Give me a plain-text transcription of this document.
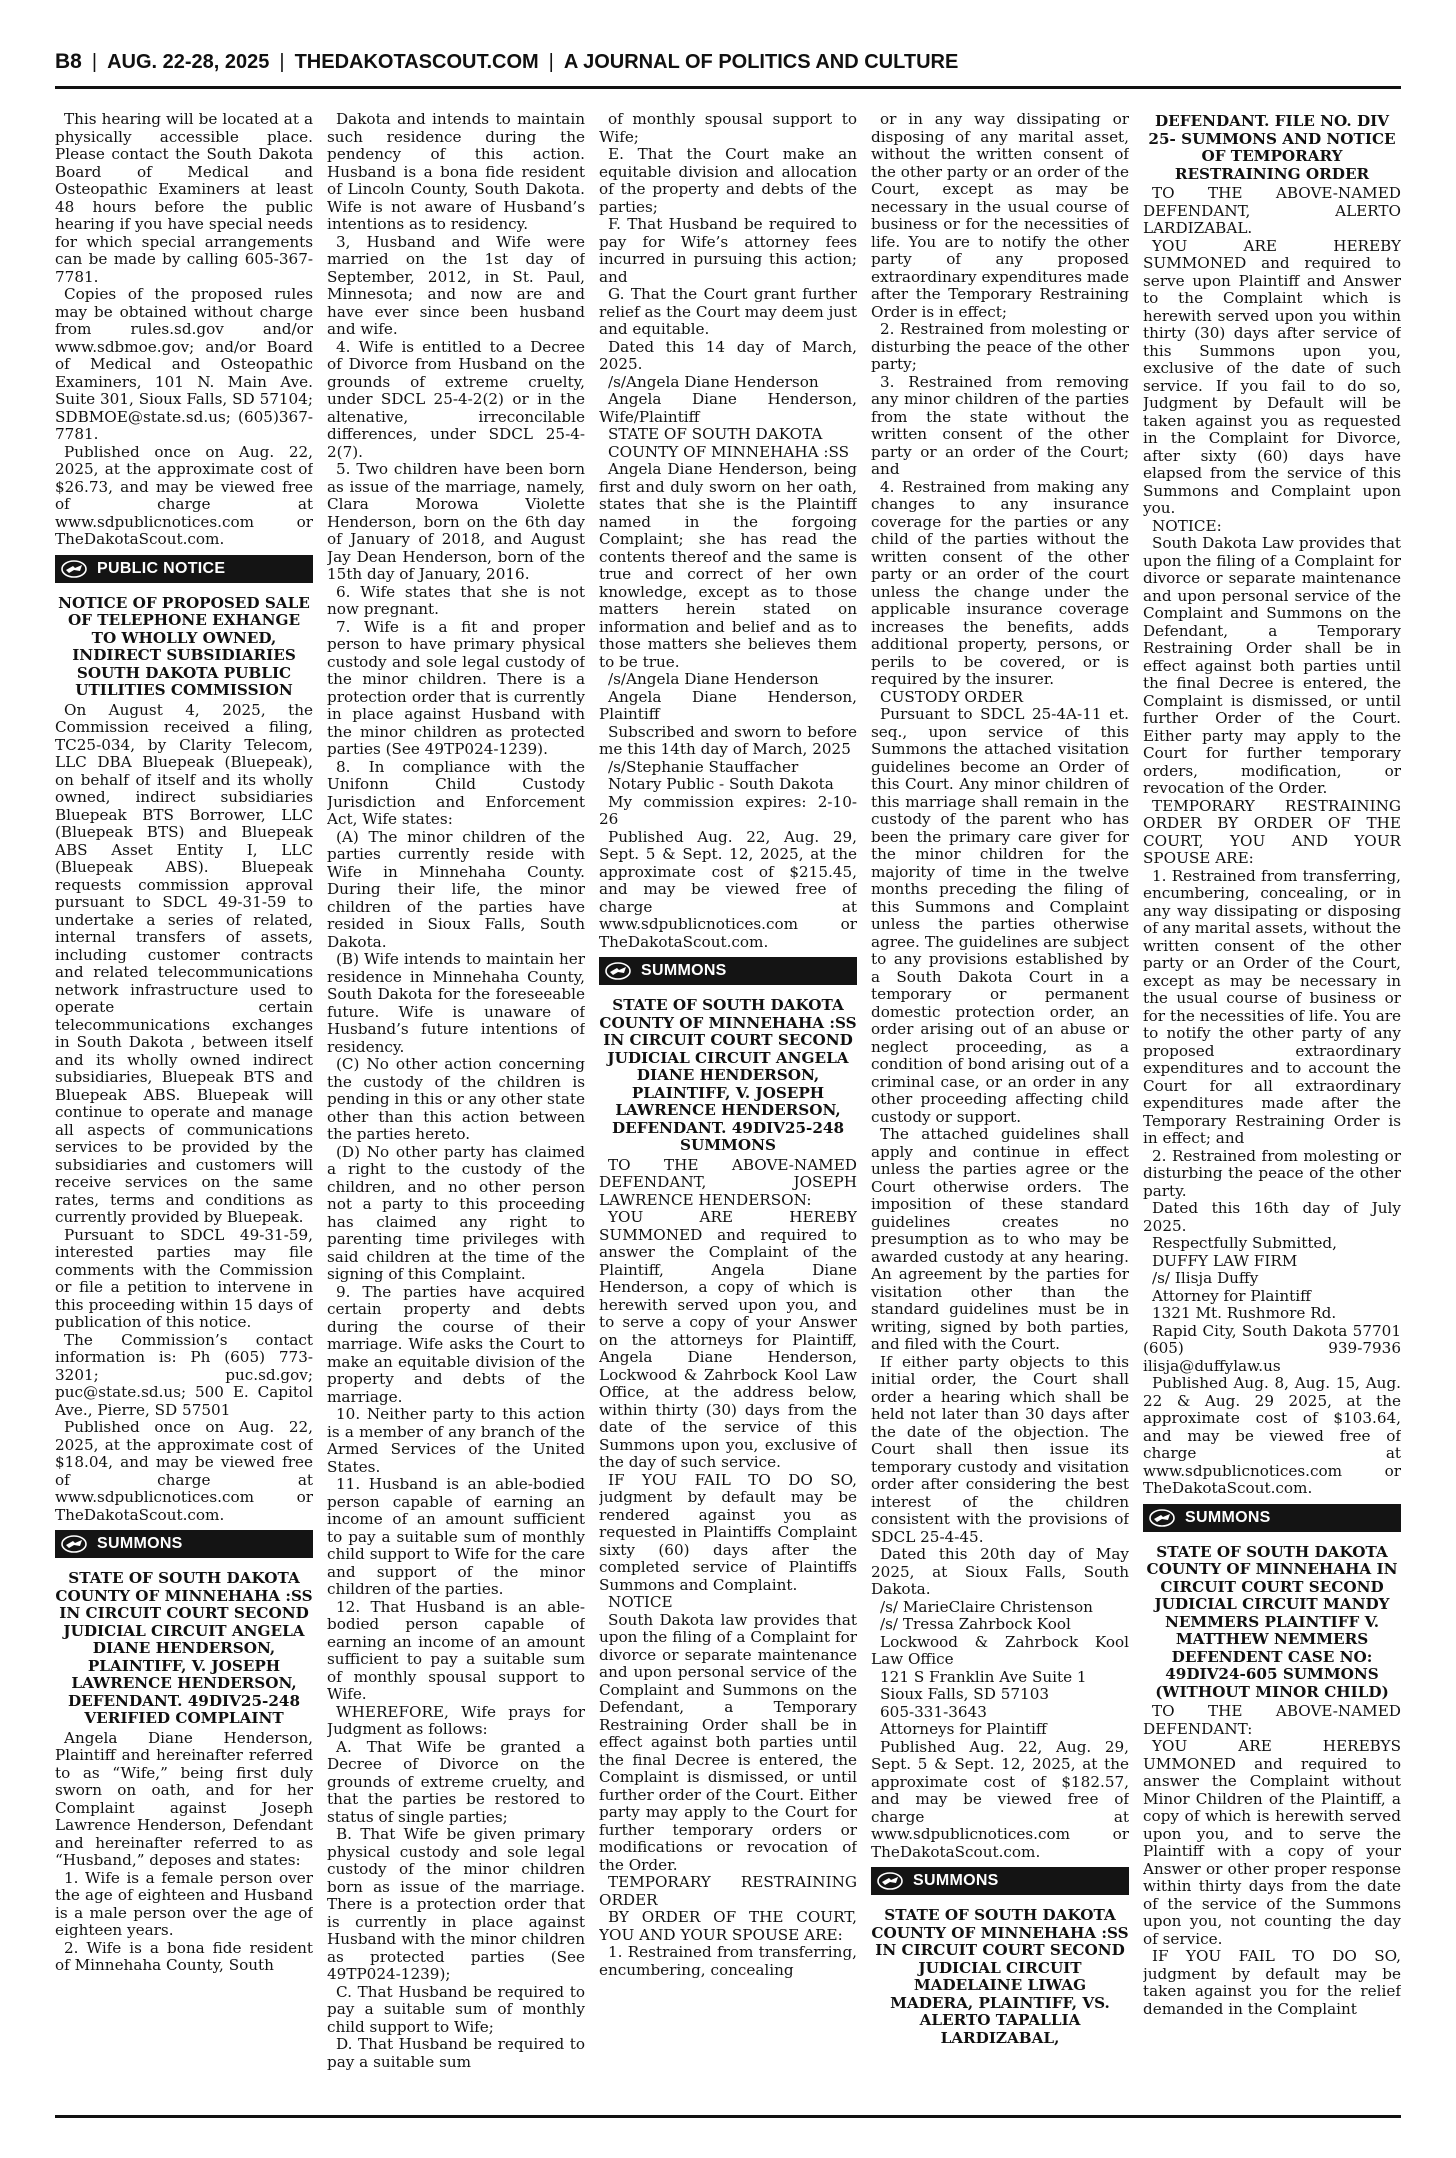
B8 | AUG. 22-28, 2025 | THEDAKOTASCOUT.COM | A JOURNAL OF POLITICS AND CULTURE

This hearing will be located at a physically accessible place. Please contact the South Dakota Board of Medical and Osteopathic Examiners at least 48 hours before the public hearing if you have special needs for which special arrangements can be made by calling 605-367-7781.

Copies of the proposed rules may be obtained without charge from rules.sd.gov and/or www.sdbmoe.gov; and/or Board of Medical and Osteopathic Examiners, 101 N. Main Ave. Suite 301, Sioux Falls, SD 57104; SDBMOE@state.sd.us; (605)367-7781.

Published once on Aug. 22, 2025, at the approximate cost of $26.73, and may be viewed free of charge at www.sdpublicnotices.com or TheDakotaScout.com.

PUBLIC NOTICE

NOTICE OF PROPOSED SALE OF TELEPHONE EXHANGE TO WHOLLY OWNED, INDIRECT SUBSIDIARIES SOUTH DAKOTA PUBLIC UTILITIES COMMISSION

On August 4, 2025, the Commission received a filing, TC25-034, by Clarity Telecom, LLC DBA Bluepeak (Bluepeak), on behalf of itself and its wholly owned, indirect subsidiaries Bluepeak BTS Borrower, LLC (Bluepeak BTS) and Bluepeak ABS Asset Entity I, LLC (Bluepeak ABS). Bluepeak requests commission approval pursuant to SDCL 49-31-59 to undertake a series of related, internal transfers of assets, including customer contracts and related telecommunications network infrastructure used to operate certain telecommunications exchanges in South Dakota , between itself and its wholly owned indirect subsidiaries, Bluepeak BTS and Bluepeak ABS. Bluepeak will continue to operate and manage all aspects of communications services to be provided by the subsidiaries and customers will receive services on the same rates, terms and conditions as currently provided by Bluepeak.

Pursuant to SDCL 49-31-59, interested parties may file comments with the Commission or file a petition to intervene in this proceeding within 15 days of publication of this notice.

The Commission’s contact information is: Ph (605) 773-3201; puc.sd.gov; puc@state.sd.us; 500 E. Capitol Ave., Pierre, SD 57501

Published once on Aug. 22, 2025, at the approximate cost of $18.04, and may be viewed free of charge at www.sdpublicnotices.com or TheDakotaScout.com.

SUMMONS

STATE OF SOUTH DAKOTA COUNTY OF MINNEHAHA :SS IN CIRCUIT COURT SECOND JUDICIAL CIRCUIT ANGELA DIANE HENDERSON, PLAINTIFF, V. JOSEPH LAWRENCE HENDERSON, DEFENDANT. 49DIV25-248 VERIFIED COMPLAINT

Angela Diane Henderson, Plaintiff and hereinafter referred to as “Wife,” being first duly sworn on oath, and for her Complaint against Joseph Lawrence Henderson, Defendant and hereinafter referred to as “Husband,” deposes and states:

1. Wife is a female person over the age of eighteen and Husband is a male person over the age of eighteen years.

2. Wife is a bona fide resident of Minnehaha County, South

Dakota and intends to maintain such residence during the pendency of this action. Husband is a bona fide resident of Lincoln County, South Dakota. Wife is not aware of Husband’s intentions as to residency.

3, Husband and Wife were married on the 1st day of September, 2012, in St. Paul, Minnesota; and now are and have ever since been husband and wife.

4. Wife is entitled to a Decree of Divorce from Husband on the grounds of extreme cruelty, under SDCL 25-4-2(2) or in the altenative, irreconcilable differences, under SDCL 25-4-2(7).

5. Two children have been born as issue of the marriage, namely, Clara Morowa Violette Henderson, born on the 6th day of January of 2018, and August Jay Dean Henderson, born of the 15th day of January, 2016.

6. Wife states that she is not now pregnant.

7. Wife is a fit and proper person to have primary physical custody and sole legal custody of the minor children. There is a protection order that is currently in place against Husband with the minor children as protected parties (See 49TP024-1239).

8. In compliance with the Unifonn Child Custody Jurisdiction and Enforcement Act, Wife states:

(A) The minor children of the parties currently reside with Wife in Minnehaha County. During their life, the minor children of the parties have resided in Sioux Falls, South Dakota.

(B) Wife intends to maintain her residence in Minnehaha County, South Dakota for the foreseeable future. Wife is unaware of Husband’s future intentions of residency.

(C) No other action concerning the custody of the children is pending in this or any other state other than this action between the parties hereto.

(D) No other party has claimed a right to the custody of the children, and no other person not a party to this proceeding has claimed any right to parenting time privileges with said children at the time of the signing of this Complaint.

9. The parties have acquired certain property and debts during the course of their marriage. Wife asks the Court to make an equitable division of the property and debts of the marriage.

10. Neither party to this action is a member of any branch of the Armed Services of the United States.

11. Husband is an able-bodied person capable of earning an income of an amount sufficient to pay a suitable sum of monthly child support to Wife for the care and support of the minor children of the parties.

12. That Husband is an able-bodied person capable of earning an income of an amount sufficient to pay a suitable sum of monthly spousal support to Wife.

WHEREFORE, Wife prays for Judgment as follows:

A. That Wife be granted a Decree of Divorce on the grounds of extreme cruelty, and that the parties be restored to status of single parties;

B. That Wife be given primary physical custody and sole legal custody of the minor children born as issue of the marriage. There is a protection order that is currently in place against Husband with the minor children as protected parties (See 49TP024-1239);

C. That Husband be required to pay a suitable sum of monthly child support to Wife;

D. That Husband be required to pay a suitable sum

of monthly spousal support to Wife;

E. That the Court make an equitable division and allocation of the property and debts of the parties;

F. That Husband be required to pay for Wife’s attorney fees incurred in pursuing this action; and

G. That the Court grant further relief as the Court may deem just and equitable.

Dated this 14 day of March, 2025.

/s/Angela Diane Henderson

Angela Diane Henderson, Wife/Plaintiff

STATE OF SOUTH DAKOTA

COUNTY OF MINNEHAHA :SS

Angela Diane Henderson, being first and duly sworn on her oath, states that she is the Plaintiff named in the forgoing Complaint; she has read the contents thereof and the same is true and correct of her own knowledge, except as to those matters herein stated on information and belief and as to those matters she believes them to be true.

/s/Angela Diane Henderson

Angela Diane Henderson, Plaintiff

Subscribed and sworn to before me this 14th day of March, 2025

/s/Stephanie Stauffacher

Notary Public - South Dakota

My commission expires: 2-10-26

Published Aug. 22, Aug. 29, Sept. 5 & Sept. 12, 2025, at the approximate cost of $215.45, and may be viewed free of charge at www.sdpublicnotices.com or TheDakotaScout.com.

SUMMONS

STATE OF SOUTH DAKOTA COUNTY OF MINNEHAHA :SS IN CIRCUIT COURT SECOND JUDICIAL CIRCUIT ANGELA DIANE HENDERSON, PLAINTIFF, V. JOSEPH LAWRENCE HENDERSON, DEFENDANT. 49DIV25-248 SUMMONS

TO THE ABOVE-NAMED DEFENDANT, JOSEPH LAWRENCE HENDERSON:

YOU ARE HEREBY SUMMONED and required to answer the Complaint of the Plaintiff, Angela Diane Henderson, a copy of which is herewith served upon you, and to serve a copy of your Answer on the attorneys for Plaintiff, Angela Diane Henderson, Lockwood & Zahrbock Kool Law Office, at the address below, within thirty (30) days from the date of the service of this Summons upon you, exclusive of the day of such service.

IF YOU FAIL TO DO SO, judgment by default may be rendered against you as requested in Plaintiffs Complaint sixty (60) days after the completed service of Plaintiffs Summons and Complaint.

NOTICE

South Dakota law provides that upon the filing of a Complaint for divorce or separate maintenance and upon personal service of the Complaint and Summons on the Defendant, a Temporary Restraining Order shall be in effect against both parties until the final Decree is entered, the Complaint is dismissed, or until further order of the Court. Either party may apply to the Court for further temporary orders or modifications or revocation of the Order.

TEMPORARY RESTRAINING ORDER

BY ORDER OF THE COURT, YOU AND YOUR SPOUSE ARE:

1. Restrained from transferring, encumbering, concealing

or in any way dissipating or disposing of any marital asset, without the written consent of the other party or an order of the Court, except as may be necessary in the usual course of business or for the necessities of life. You are to notify the other party of any proposed extraordinary expenditures made after the Temporary Restraining Order is in effect;

2. Restrained from molesting or disturbing the peace of the other party;

3. Restrained from removing any minor children of the parties from the state without the written consent of the other party or an order of the Court; and

4. Restrained from making any changes to any insurance coverage for the parties or any child of the parties without the written consent of the other party or an order of the court unless the change under the applicable insurance coverage increases the benefits, adds additional property, persons, or perils to be covered, or is required by the insurer.

CUSTODY ORDER

Pursuant to SDCL 25-4A-11 et. seq., upon service of this Summons the attached visitation guidelines become an Order of this Court. Any minor children of this marriage shall remain in the custody of the parent who has been the primary care giver for the minor children for the majority of time in the twelve months preceding the filing of this Summons and Complaint unless the parties otherwise agree. The guidelines are subject to any provisions established by a South Dakota Court in a temporary or permanent domestic protection order, an order arising out of an abuse or neglect proceeding, as a condition of bond arising out of a criminal case, or an order in any other proceeding affecting child custody or support.

The attached guidelines shall apply and continue in effect unless the parties agree or the Court otherwise orders. The imposition of these standard guidelines creates no presumption as to who may be awarded custody at any hearing. An agreement by the parties for visitation other than the standard guidelines must be in writing, signed by both parties, and filed with the Court.

If either party objects to this initial order, the Court shall order a hearing which shall be held not later than 30 days after the date of the objection. The Court shall then issue its temporary custody and visitation order after considering the best interest of the children consistent with the provisions of SDCL 25-4-45.

Dated this 20th day of May 2025, at Sioux Falls, South Dakota.

/s/ MarieClaire Christenson

/s/ Tressa Zahrbock Kool

Lockwood & Zahrbock Kool Law Office

121 S Franklin Ave Suite 1

Sioux Falls, SD 57103

605-331-3643

Attorneys for Plaintiff

Published Aug. 22, Aug. 29, Sept. 5 & Sept. 12, 2025, at the approximate cost of $182.57, and may be viewed free of charge at www.sdpublicnotices.com or TheDakotaScout.com.

SUMMONS

STATE OF SOUTH DAKOTA COUNTY OF MINNEHAHA :SS IN CIRCUIT COURT SECOND JUDICIAL CIRCUIT MADELAINE LIWAG MADERA, PLAINTIFF, VS. ALERTO TAPALLIA LARDIZABAL,

DEFENDANT. FILE NO. DIV 25- SUMMONS AND NOTICE OF TEMPORARY RESTRAINING ORDER

TO THE ABOVE-NAMED DEFENDANT, ALERTO LARDIZABAL.

YOU ARE HEREBY SUMMONED and required to serve upon Plaintiff and Answer to the Complaint which is herewith served upon you within thirty (30) days after service of this Summons upon you, exclusive of the date of such service. If you fail to do so, Judgment by Default will be taken against you as requested in the Complaint for Divorce, after sixty (60) days have elapsed from the service of this Summons and Complaint upon you.

NOTICE:

South Dakota Law provides that upon the filing of a Complaint for divorce or separate maintenance and upon personal service of the Complaint and Summons on the Defendant, a Temporary Restraining Order shall be in effect against both parties until the final Decree is entered, the Complaint is dismissed, or until further Order of the Court. Either party may apply to the Court for further temporary orders, modification, or revocation of the Order.

TEMPORARY RESTRAINING ORDER BY ORDER OF THE COURT, YOU AND YOUR SPOUSE ARE:

1. Restrained from transferring, encumbering, concealing, or in any way dissipating or disposing of any marital assets, without the written consent of the other party or an Order of the Court, except as may be necessary in the usual course of business or for the necessities of life. You are to notify the other party of any proposed extraordinary expenditures and to account the Court for all extraordinary expenditures made after the Temporary Restraining Order is in effect; and

2. Restrained from molesting or disturbing the peace of the other party.

Dated this 16th day of July 2025.

Respectfully Submitted,

DUFFY LAW FIRM

/s/ Ilisja Duffy

Attorney for Plaintiff

1321 Mt. Rushmore Rd.

Rapid City, South Dakota 57701 (605) 939-7936 ilisja@duffylaw.us

Published Aug. 8, Aug. 15, Aug. 22 & Aug. 29 2025, at the approximate cost of $103.64, and may be viewed free of charge at www.sdpublicnotices.com or TheDakotaScout.com.

SUMMONS

STATE OF SOUTH DAKOTA COUNTY OF MINNEHAHA IN CIRCUIT COURT SECOND JUDICIAL CIRCUIT MANDY NEMMERS PLAINTIFF V. MATTHEW NEMMERS DEFENDENT CASE NO: 49DIV24-605 SUMMONS (WITHOUT MINOR CHILD)

TO THE ABOVE-NAMED DEFENDANT:

YOU ARE HEREBYS UMMONED and required to answer the Complaint without Minor Children of the Plaintiff, a copy of which is herewith served upon you, and to serve the Plaintiff with a copy of your Answer or other proper response within thirty days from the date of the service of the Summons upon you, not counting the day of service.

IF YOU FAIL TO DO SO, judgment by default may be taken against you for the relief demanded in the Complaint
